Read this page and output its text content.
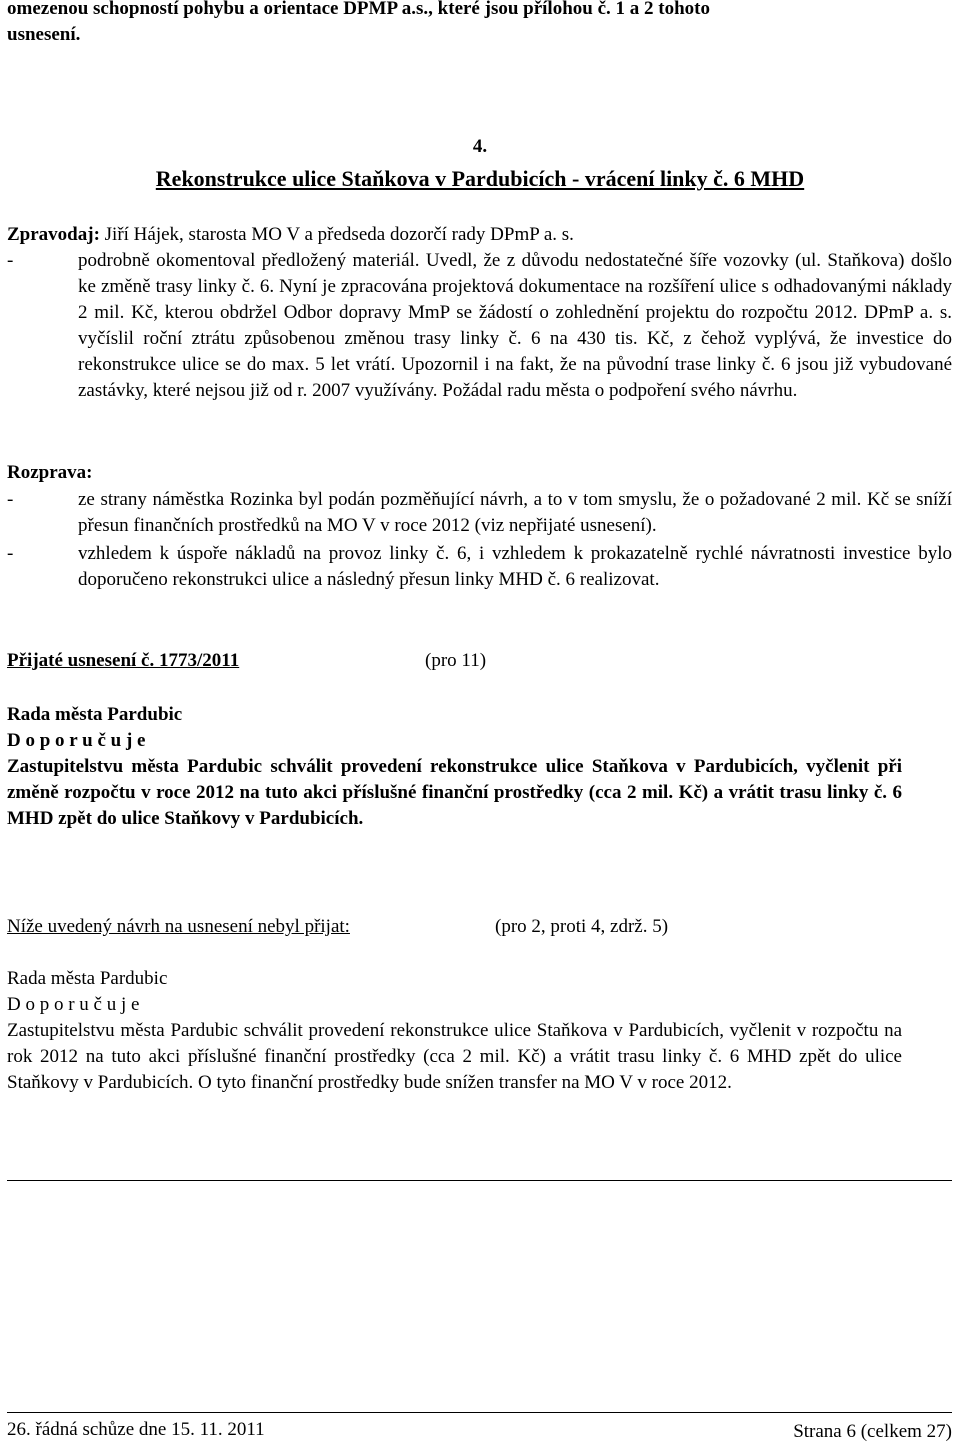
omezenou schopností pohybu a orientace DPMP a.s., které jsou přílohou č. 1 a 2 tohoto
usnesení.
4.
Rekonstrukce ulice Staňkova v Pardubicích - vrácení linky č. 6 MHD
Zpravodaj: Jiří Hájek, starosta MO V a předseda dozorčí rady DPmP a. s.
-	podrobně okomentoval předložený materiál. Uvedl, že z důvodu nedostatečné šíře vozovky (ul. Staňkova) došlo ke změně trasy linky č. 6. Nyní je zpracována projektová dokumentace na rozšíření ulice s odhadovanými náklady 2 mil. Kč, kterou obdržel Odbor dopravy MmP se žádostí o zohlednění projektu do rozpočtu 2012. DPmP a. s. vyčíslil roční ztrátu způsobenou změnou trasy linky č. 6 na 430 tis. Kč, z čehož vyplývá, že investice do rekonstrukce ulice se do max. 5 let vrátí. Upozornil i na fakt, že na původní trase linky č. 6 jsou již vybudované zastávky, které nejsou již od r. 2007 využívány. Požádal radu města o podpoření svého návrhu.
Rozprava:
-	ze strany náměstka Rozinka byl podán pozměňující návrh, a to v tom smyslu, že o požadované 2 mil. Kč se sníží přesun finančních prostředků na MO V v roce 2012 (viz nepřijaté usnesení).
-	vzhledem k úspoře nákladů na provoz linky č. 6, i vzhledem k prokazatelně rychlé návratnosti investice bylo doporučeno rekonstrukci ulice a následný přesun linky MHD č. 6 realizovat.
Přijaté usnesení č. 1773/2011	(pro 11)
Rada města Pardubic
D o p o r u č u j e
Zastupitelstvu města Pardubic schválit provedení rekonstrukce ulice Staňkova v Pardubicích, vyčlenit při změně rozpočtu v roce 2012 na tuto akci příslušné finanční prostředky (cca 2 mil. Kč) a vrátit trasu linky č. 6 MHD zpět do ulice Staňkovy v Pardubicích.
Níže uvedený návrh na usnesení nebyl přijat:	(pro 2, proti 4, zdrž. 5)
Rada města Pardubic
D o p o r u č u j e
Zastupitelstvu města Pardubic schválit provedení rekonstrukce ulice Staňkova v Pardubicích, vyčlenit v rozpočtu na rok 2012 na tuto akci příslušné finanční prostředky (cca 2 mil. Kč) a vrátit trasu linky č. 6 MHD zpět do ulice Staňkovy v Pardubicích. O tyto finanční prostředky bude snížen transfer na MO V v roce 2012.
26. řádná schůze dne 15. 11. 2011	Strana 6 (celkem 27)
